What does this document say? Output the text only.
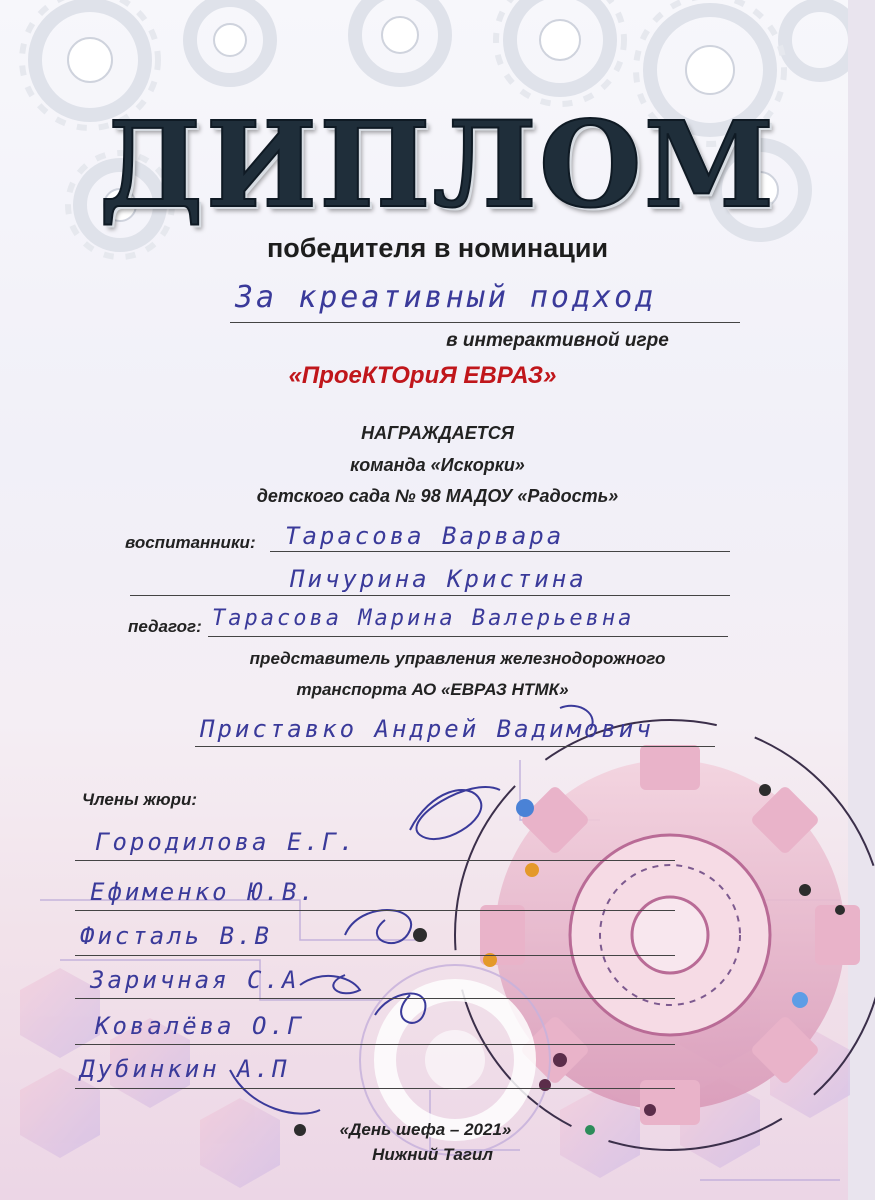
ДИПЛОМ
победителя в номинации
За креативный подход
в интерактивной игре
«ПроеКТОриЯ ЕВРАЗ»
НАГРАЖДАЕТСЯ
команда «Искорки»
детского сада № 98 МАДОУ «Радость»
воспитанники: Тарасова Варвара
Пичурина Кристина
педагог: Тарасова Марина Валерьевна
представитель управления железнодорожного
транспорта АО «ЕВРАЗ НТМК»
Приставко Андрей Вадимович
Члены жюри:
Городилова Е.Г.
Ефименко Ю.В.
Фисталь В.В
Заричная С.А
Ковалёва О.Г
Дубинкин А.П
«День шефа – 2021»
Нижний Тагил
